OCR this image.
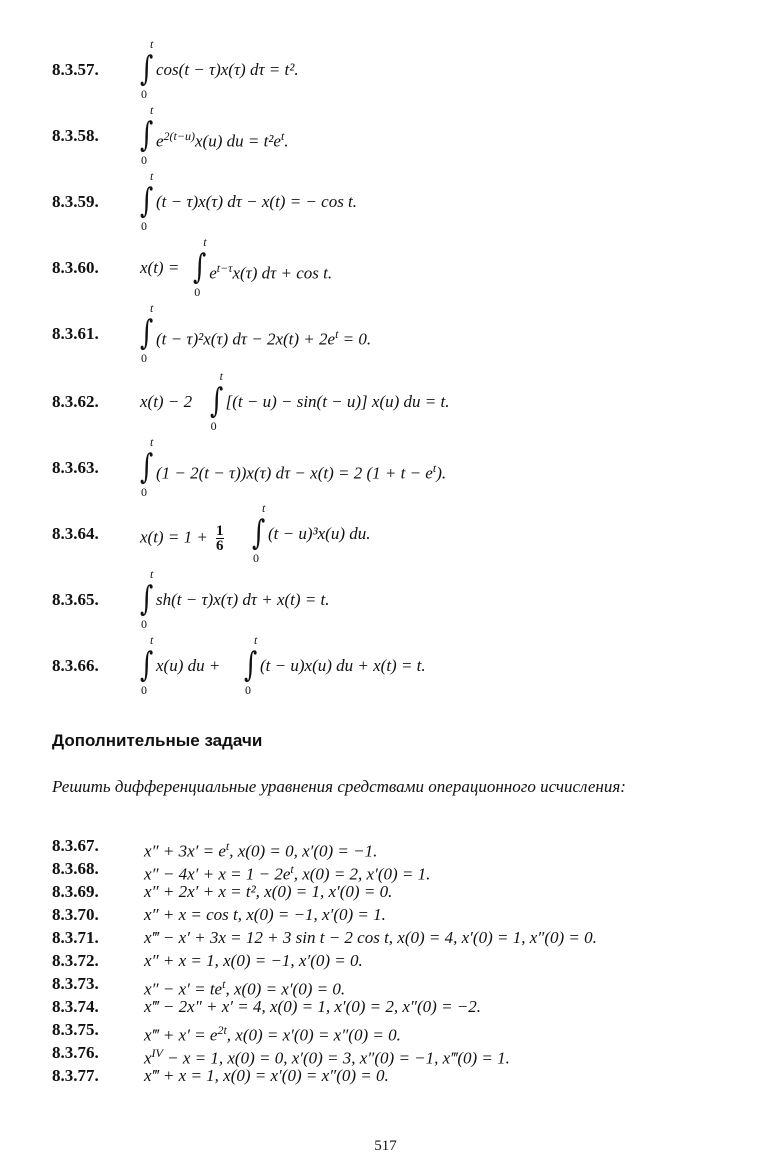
8.3.57. ∫
t
0
cos(t − τ)x(τ) dτ = t².
8.3.58. ∫
t
0
$e^{2(t-u)}x(u)$ du = $t^2e^t$.
8.3.59. ∫
t
0
(t − τ)x(τ) dτ − x(t) = − cos t.
8.3.60. x(t) = ∫
t
0
$e^{t-\tau}x(\tau) d\tau + \cos t$.
8.3.61. ∫
t
0
(t − τ)²x(τ) $d\tau - 2x(t) + 2e^t = 0$.
8.3.62. x(t) − 2 ∫
t
0
[(t − u) − sin(t − u)] x(u) du = t.
8.3.63. ∫
t
0
(1 − 2(t − τ))x(τ) dτ − x(t) = 2 $(1 + t - e^t)$.
8.3.64. $x(t) = 1 + \frac{1}{6}$ ∫
t
0
(t − u)³x(u) du.
8.3.65. ∫
t
0
sh(t − τ)x(τ) dτ + x(t) = t.
8.3.66. ∫
t
0
x(u) du + ∫
t
0
(t − u)x(u) du + x(t) = t.
Дополнительные задачи
Решить дифференциальные уравнения средствами операционного исчисления:
8.3.67.	$x'' + 3x' = e^t$, x(0) = 0, x′(0) = −1.
8.3.68.	$x'' - 4x' + x = 1 - 2e^t$, x(0) = 2, x′(0) = 1.
8.3.69.	x″ + 2x′ + x = t², x(0) = 1, x′(0) = 0.
8.3.70.	x″ + x = cos t, x(0) = −1, x′(0) = 1.
8.3.71.	x‴ − x′ + 3x = 12 + 3 sin t − 2 cos t, x(0) = 4, x′(0) = 1, x″(0) = 0.
8.3.72.	x″ + x = 1, x(0) = −1, x′(0) = 0.
8.3.73.	$x'' - x' = te^t$, x(0) = x′(0) = 0.
8.3.74.	x‴ − 2x″ + x′ = 4, x(0) = 1, x′(0) = 2, x″(0) = −2.
8.3.75.	x‴ + $x' = e^{2t}$, x(0) = x′(0) = x″(0) = 0.
8.3.76.	$x^{IV} - x = 1$, x(0) = 0, x′(0) = 3, x″(0) = −1, x‴(0) = 1.
8.3.77.	x‴ + x = 1, x(0) = x′(0) = x″(0) = 0.
517
